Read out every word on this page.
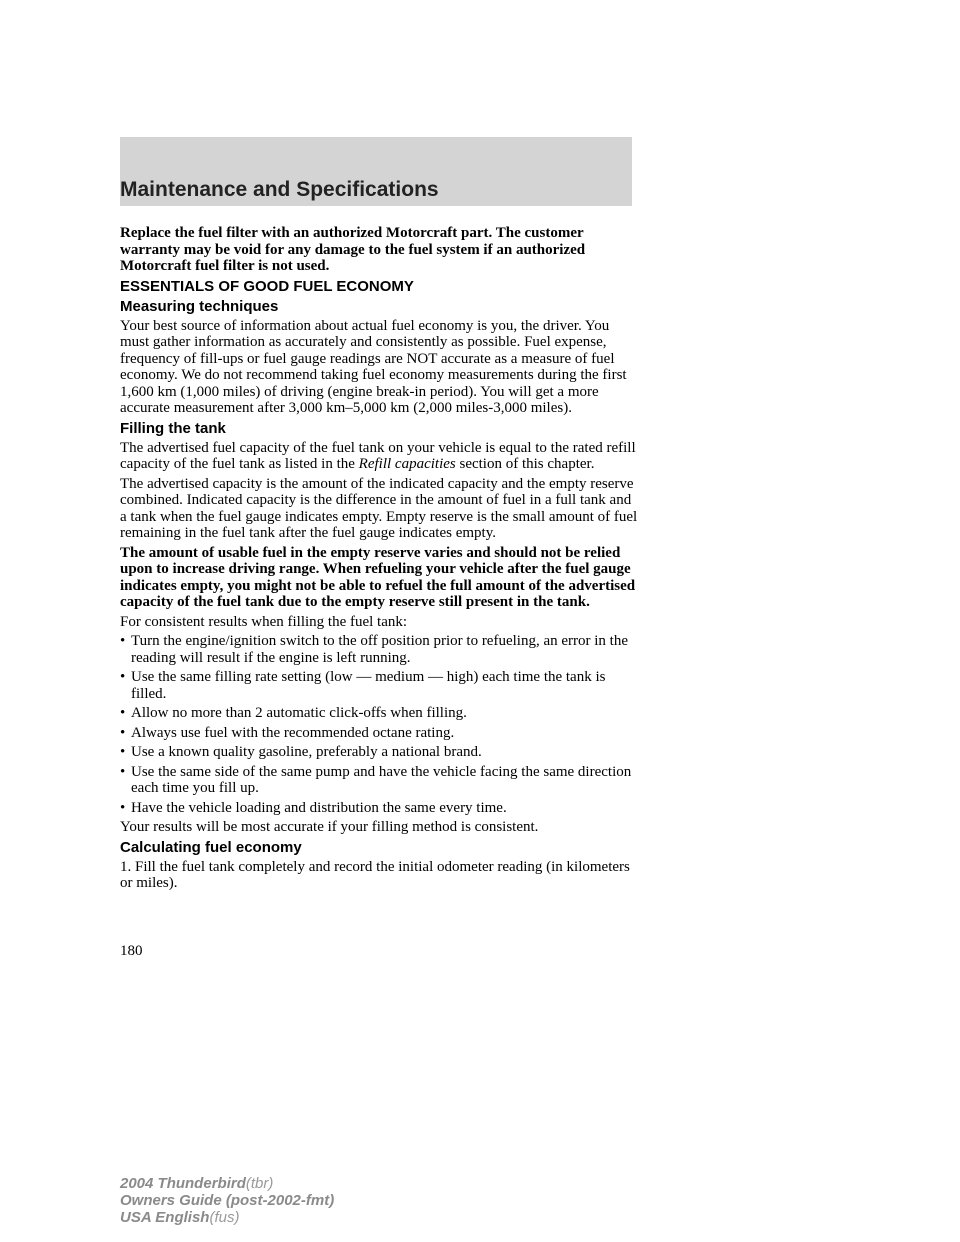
Maintenance and Specifications

Replace the fuel filter with an authorized Motorcraft part. The customer warranty may be void for any damage to the fuel system if an authorized Motorcraft fuel filter is not used.

ESSENTIALS OF GOOD FUEL ECONOMY
Measuring techniques

Your best source of information about actual fuel economy is you, the driver. You must gather information as accurately and consistently as possible. Fuel expense, frequency of fill-ups or fuel gauge readings are NOT accurate as a measure of fuel economy. We do not recommend taking fuel economy measurements during the first 1,600 km (1,000 miles) of driving (engine break-in period). You will get a more accurate measurement after 3,000 km–5,000 km (2,000 miles-3,000 miles).

Filling the tank

The advertised fuel capacity of the fuel tank on your vehicle is equal to the rated refill capacity of the fuel tank as listed in the Refill capacities section of this chapter.

The advertised capacity is the amount of the indicated capacity and the empty reserve combined. Indicated capacity is the difference in the amount of fuel in a full tank and a tank when the fuel gauge indicates empty. Empty reserve is the small amount of fuel remaining in the fuel tank after the fuel gauge indicates empty.

The amount of usable fuel in the empty reserve varies and should not be relied upon to increase driving range. When refueling your vehicle after the fuel gauge indicates empty, you might not be able to refuel the full amount of the advertised capacity of the fuel tank due to the empty reserve still present in the tank.

For consistent results when filling the fuel tank:

• Turn the engine/ignition switch to the off position prior to refueling, an error in the reading will result if the engine is left running.
• Use the same filling rate setting (low — medium — high) each time the tank is filled.
• Allow no more than 2 automatic click-offs when filling.
• Always use fuel with the recommended octane rating.
• Use a known quality gasoline, preferably a national brand.
• Use the same side of the same pump and have the vehicle facing the same direction each time you fill up.
• Have the vehicle loading and distribution the same every time.

Your results will be most accurate if your filling method is consistent.

Calculating fuel economy

1. Fill the fuel tank completely and record the initial odometer reading (in kilometers or miles).

180
2004 Thunderbird(tbr)
Owners Guide (post-2002-fmt)
USA English(fus)
